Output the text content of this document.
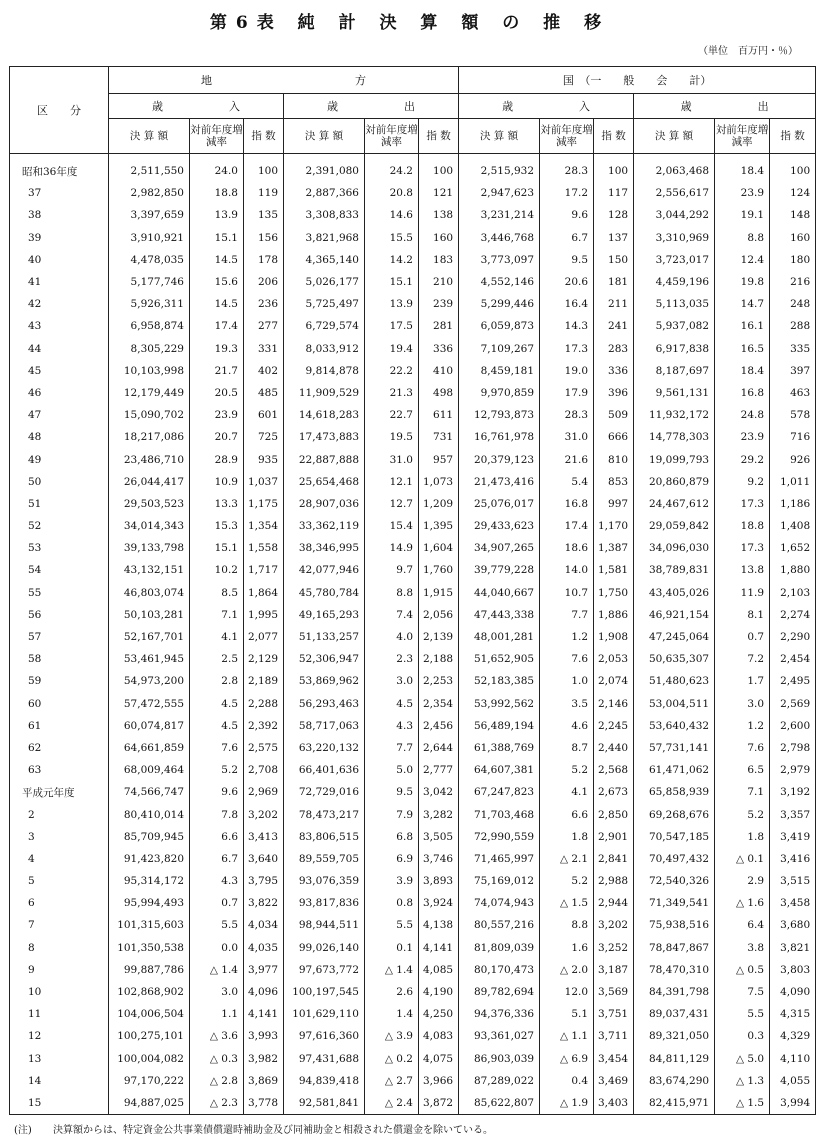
第6表 純 計 決 算 額 の 推 移
（単位　百万円・％）
区　　分	地　　　　　　　　　　　　　方						国　（一　　般　　会　　計）					
	歳　　　　　　入			歳　　　　　　出			歳　　　　　　入			歳　　　　　　出		
	決 算 額	対前年度増減率	指 数	決 算 額	対前年度増減率	指 数	決 算 額	対前年度増減率	指 数	決 算 額	対前年度増減率	指 数
昭和36年度	2,511,550	24.0	100	2,391,080	24.2	100	2,515,932	28.3	100	2,063,468	18.4	100
37	2,982,850	18.8	119	2,887,366	20.8	121	2,947,623	17.2	117	2,556,617	23.9	124
38	3,397,659	13.9	135	3,308,833	14.6	138	3,231,214	9.6	128	3,044,292	19.1	148
39	3,910,921	15.1	156	3,821,968	15.5	160	3,446,768	6.7	137	3,310,969	8.8	160
40	4,478,035	14.5	178	4,365,140	14.2	183	3,773,097	9.5	150	3,723,017	12.4	180
41	5,177,746	15.6	206	5,026,177	15.1	210	4,552,146	20.6	181	4,459,196	19.8	216
42	5,926,311	14.5	236	5,725,497	13.9	239	5,299,446	16.4	211	5,113,035	14.7	248
43	6,958,874	17.4	277	6,729,574	17.5	281	6,059,873	14.3	241	5,937,082	16.1	288
44	8,305,229	19.3	331	8,033,912	19.4	336	7,109,267	17.3	283	6,917,838	16.5	335
45	10,103,998	21.7	402	9,814,878	22.2	410	8,459,181	19.0	336	8,187,697	18.4	397
46	12,179,449	20.5	485	11,909,529	21.3	498	9,970,859	17.9	396	9,561,131	16.8	463
47	15,090,702	23.9	601	14,618,283	22.7	611	12,793,873	28.3	509	11,932,172	24.8	578
48	18,217,086	20.7	725	17,473,883	19.5	731	16,761,978	31.0	666	14,778,303	23.9	716
49	23,486,710	28.9	935	22,887,888	31.0	957	20,379,123	21.6	810	19,099,793	29.2	926
50	26,044,417	10.9	1,037	25,654,468	12.1	1,073	21,473,416	5.4	853	20,860,879	9.2	1,011
51	29,503,523	13.3	1,175	28,907,036	12.7	1,209	25,076,017	16.8	997	24,467,612	17.3	1,186
52	34,014,343	15.3	1,354	33,362,119	15.4	1,395	29,433,623	17.4	1,170	29,059,842	18.8	1,408
53	39,133,798	15.1	1,558	38,346,995	14.9	1,604	34,907,265	18.6	1,387	34,096,030	17.3	1,652
54	43,132,151	10.2	1,717	42,077,946	9.7	1,760	39,779,228	14.0	1,581	38,789,831	13.8	1,880
55	46,803,074	8.5	1,864	45,780,784	8.8	1,915	44,040,667	10.7	1,750	43,405,026	11.9	2,103
56	50,103,281	7.1	1,995	49,165,293	7.4	2,056	47,443,338	7.7	1,886	46,921,154	8.1	2,274
57	52,167,701	4.1	2,077	51,133,257	4.0	2,139	48,001,281	1.2	1,908	47,245,064	0.7	2,290
58	53,461,945	2.5	2,129	52,306,947	2.3	2,188	51,652,905	7.6	2,053	50,635,307	7.2	2,454
59	54,973,200	2.8	2,189	53,869,962	3.0	2,253	52,183,385	1.0	2,074	51,480,623	1.7	2,495
60	57,472,555	4.5	2,288	56,293,463	4.5	2,354	53,992,562	3.5	2,146	53,004,511	3.0	2,569
61	60,074,817	4.5	2,392	58,717,063	4.3	2,456	56,489,194	4.6	2,245	53,640,432	1.2	2,600
62	64,661,859	7.6	2,575	63,220,132	7.7	2,644	61,388,769	8.7	2,440	57,731,141	7.6	2,798
63	68,009,464	5.2	2,708	66,401,636	5.0	2,777	64,607,381	5.2	2,568	61,471,062	6.5	2,979
平成元年度	74,566,747	9.6	2,969	72,729,016	9.5	3,042	67,247,823	4.1	2,673	65,858,939	7.1	3,192
2	80,410,014	7.8	3,202	78,473,217	7.9	3,282	71,703,468	6.6	2,850	69,268,676	5.2	3,357
3	85,709,945	6.6	3,413	83,806,515	6.8	3,505	72,990,559	1.8	2,901	70,547,185	1.8	3,419
4	91,423,820	6.7	3,640	89,559,705	6.9	3,746	71,465,997	△ 2.1	2,841	70,497,432	△ 0.1	3,416
5	95,314,172	4.3	3,795	93,076,359	3.9	3,893	75,169,012	5.2	2,988	72,540,326	2.9	3,515
6	95,994,493	0.7	3,822	93,817,836	0.8	3,924	74,074,943	△ 1.5	2,944	71,349,541	△ 1.6	3,458
7	101,315,603	5.5	4,034	98,944,511	5.5	4,138	80,557,216	8.8	3,202	75,938,516	6.4	3,680
8	101,350,538	0.0	4,035	99,026,140	0.1	4,141	81,809,039	1.6	3,252	78,847,867	3.8	3,821
9	99,887,786	△ 1.4	3,977	97,673,772	△ 1.4	4,085	80,170,473	△ 2.0	3,187	78,470,310	△ 0.5	3,803
10	102,868,902	3.0	4,096	100,197,545	2.6	4,190	89,782,694	12.0	3,569	84,391,798	7.5	4,090
11	104,006,504	1.1	4,141	101,629,110	1.4	4,250	94,376,336	5.1	3,751	89,037,431	5.5	4,315
12	100,275,101	△ 3.6	3,993	97,616,360	△ 3.9	4,083	93,361,027	△ 1.1	3,711	89,321,050	0.3	4,329
13	100,004,082	△ 0.3	3,982	97,431,688	△ 0.2	4,075	86,903,039	△ 6.9	3,454	84,811,129	△ 5.0	4,110
14	97,170,222	△ 2.8	3,869	94,839,418	△ 2.7	3,966	87,289,022	0.4	3,469	83,674,290	△ 1.3	4,055
15	94,887,025	△ 2.3	3,778	92,581,841	△ 2.4	3,872	85,622,807	△ 1.9	3,403	82,415,971	△ 1.5	3,994
(注) 決算額からは、特定資金公共事業債償還時補助金及び同補助金と相殺された償還金を除いている。
